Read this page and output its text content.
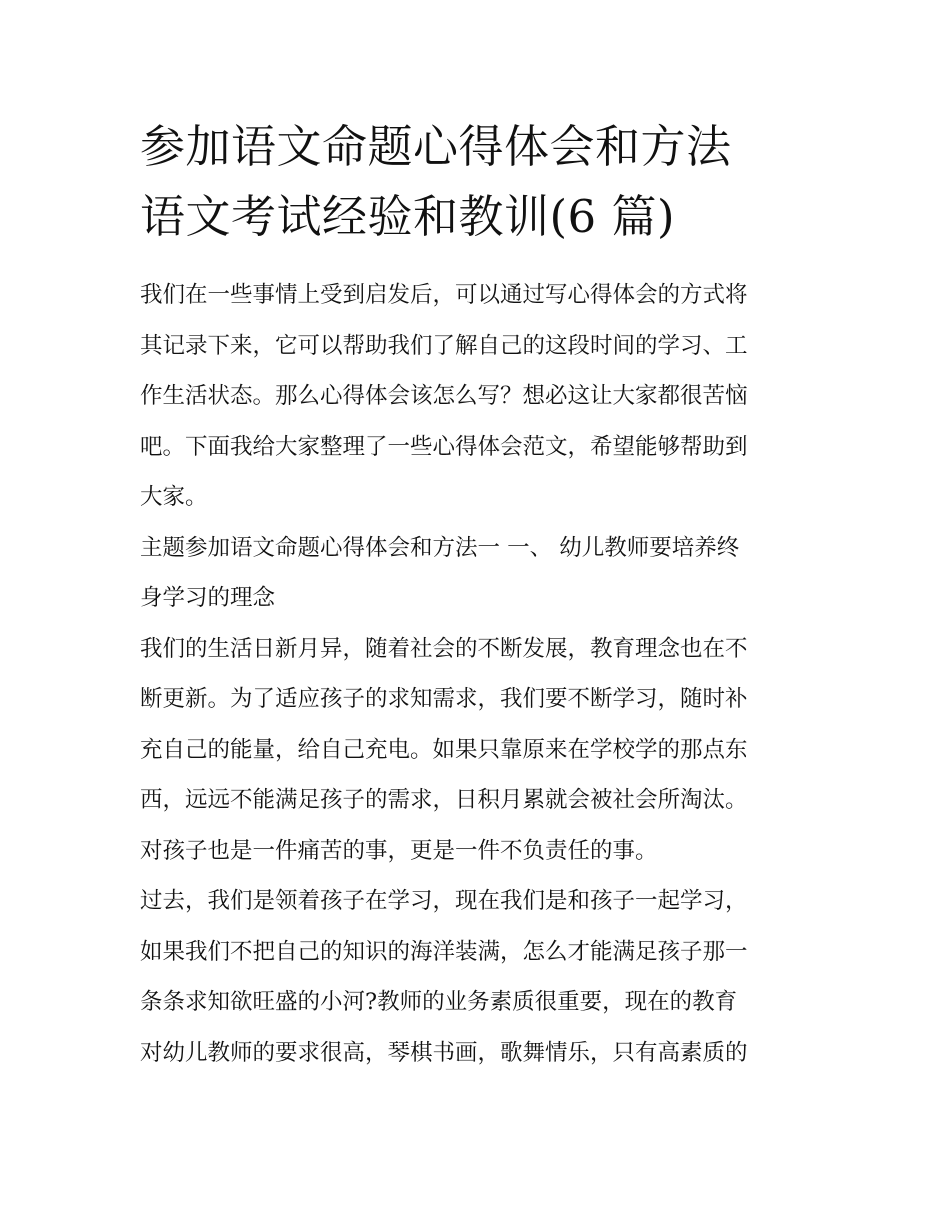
参加语文命题心得体会和方法
语文考试经验和教训(6 篇)

我们在一些事情上受到启发后，可以通过写心得体会的方式将
其记录下来，它可以帮助我们了解自己的这段时间的学习、工
作生活状态。那么心得体会该怎么写？想必这让大家都很苦恼
吧。下面我给大家整理了一些心得体会范文，希望能够帮助到
大家。

主题参加语文命题心得体会和方法一 一、 幼儿教师要培养终
身学习的理念

我们的生活日新月异，随着社会的不断发展，教育理念也在不
断更新。为了适应孩子的求知需求，我们要不断学习，随时补
充自己的能量，给自己充电。如果只靠原来在学校学的那点东
西，远远不能满足孩子的需求，日积月累就会被社会所淘汰。
对孩子也是一件痛苦的事，更是一件不负责任的事。

过去，我们是领着孩子在学习，现在我们是和孩子一起学习，
如果我们不把自己的知识的海洋装满，怎么才能满足孩子那一
条条求知欲旺盛的小河?教师的业务素质很重要，现在的教育
对幼儿教师的要求很高，琴棋书画，歌舞情乐，只有高素质的
